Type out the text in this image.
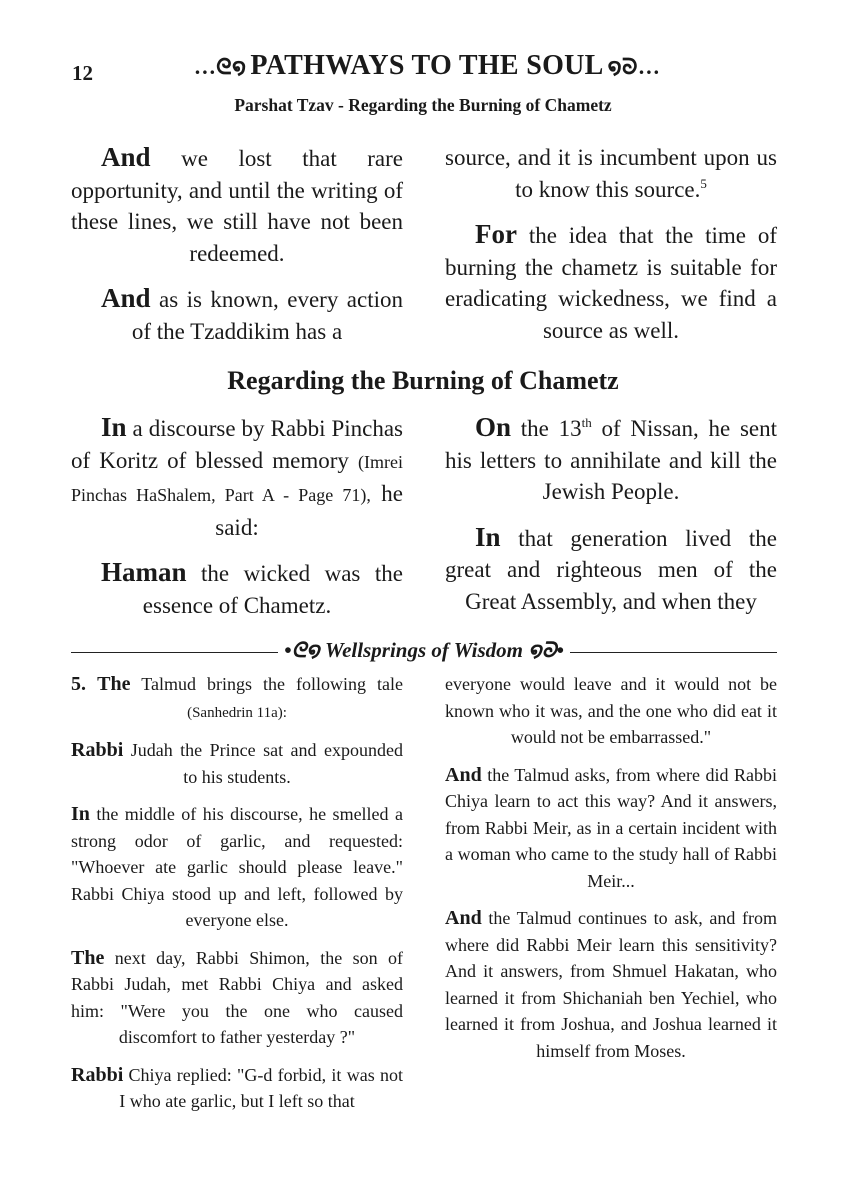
12	…ᘓ໑ PATHWAYS TO THE SOUL ໑ᘐ…
Parshat Tzav - Regarding the Burning of Chametz

And we lost that rare opportunity, and until the writing of these lines, we still have not been redeemed.

And as is known, every action of the Tzaddikim has a

source, and it is incumbent upon us to know this source.$^5$

For the idea that the time of burning the chametz is suitable for eradicating wickedness, we find a source as well.

Regarding the Burning of Chametz

In a discourse by Rabbi Pinchas of Koritz of blessed memory (Imrei Pinchas HaShalem, Part A - Page 71), he said:

Haman the wicked was the essence of Chametz.

On the 13th of Nissan, he sent his letters to annihilate and kill the Jewish People.

In that generation lived the great and righteous men of the Great Assembly, and when they

•ᘓ໑ Wellsprings of Wisdom ໑ᘐ•

5. The Talmud brings the following tale (Sanhedrin 11a):

Rabbi Judah the Prince sat and expounded to his students.

In the middle of his discourse, he smelled a strong odor of garlic, and requested: "Whoever ate garlic should please leave." Rabbi Chiya stood up and left, followed by everyone else.

The next day, Rabbi Shimon, the son of Rabbi Judah, met Rabbi Chiya and asked him: "Were you the one who caused discomfort to father yesterday ?"

Rabbi Chiya replied: "G-d forbid, it was not I who ate garlic, but I left so that

everyone would leave and it would not be known who it was, and the one who did eat it would not be embarrassed."

And the Talmud asks, from where did Rabbi Chiya learn to act this way? And it answers, from Rabbi Meir, as in a certain incident with a woman who came to the study hall of Rabbi Meir...

And the Talmud continues to ask, and from where did Rabbi Meir learn this sensitivity? And it answers, from Shmuel Hakatan, who learned it from Shichaniah ben Yechiel, who learned it from Joshua, and Joshua learned it himself from Moses.
